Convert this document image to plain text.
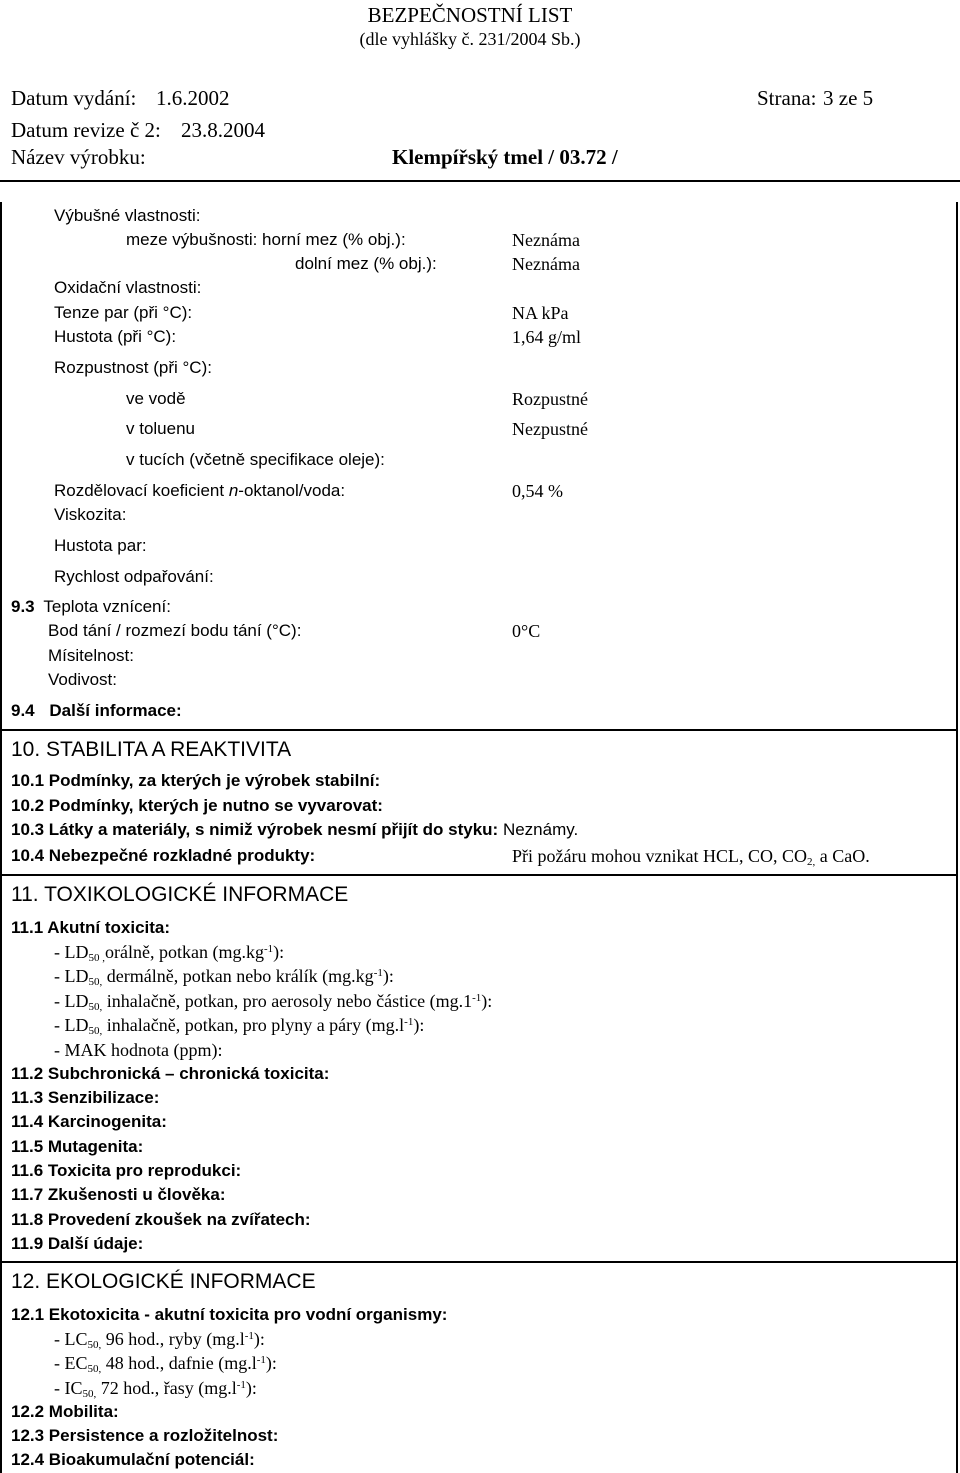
BEZPEČNOSTNÍ LIST
(dle vyhlášky č. 231/2004 Sb.)
Datum vydání: 1.6.2002	Strana: 3 ze 5
Datum revize č 2: 23.8.2004
Název výrobku:	Klempířský tmel / 03.72 /
Výbušné vlastnosti:
meze výbušnosti: horní mez (% obj.):	Neznáma
dolní mez (% obj.):	Neznáma
Oxidační vlastnosti:
Tenze par (při °C):	NA kPa
Hustota (při °C):	1,64 g/ml
Rozpustnost (při °C):
ve vodě	Rozpustné
v toluenu	Nezpustné
v tucích (včetně specifikace oleje):
Rozdělovací koeficient n-oktanol/voda:	0,54 %
Viskozita:
Hustota par:
Rychlost odpařování:
9.3 Teplota vznícení:
Bod tání / rozmezí bodu tání (°C):	0°C
Mísitelnost:
Vodivost:
9.4 Další informace:
10. STABILITA A REAKTIVITA
10.1 Podmínky, za kterých je výrobek stabilní:
10.2 Podmínky, kterých je nutno se vyvarovat:
10.3 Látky a materiály, s nimiž výrobek nesmí přijít do styku: Neznámy.
10.4 Nebezpečné rozkladné produkty:	Při požáru mohou vznikat HCL, CO, $CO_{2,}$ a CaO.
11. TOXIKOLOGICKÉ INFORMACE
11.1 Akutní toxicita:
- $LD_{50 ,}orá\ln ě$, potkan $(mg.kg^{-1})$:
- $LD_{50,}$ dermálně, potkan nebo králík $(mg.kg^{-1})$:
- $LD_{50,}$ inhalačně, potkan, pro aerosoly nebo částice $(mg.1^{-1})$:
- $LD_{50,}$ inhalačně, potkan, pro plyny a páry $(mg.l^{-1})$:
- MAK hodnota (ppm):
11.2 Subchronická – chronická toxicita:
11.3 Senzibilizace:
11.4 Karcinogenita:
11.5 Mutagenita:
11.6 Toxicita pro reprodukci:
11.7 Zkušenosti u člověka:
11.8 Provedení zkoušek na zvířatech:
11.9 Další údaje:
12. EKOLOGICKÉ INFORMACE
12.1 Ekotoxicita - akutní toxicita pro vodní organismy:
- $LC_{50,}$ 96 hod., ryby $(mg.l^{-1})$:
- $EC_{50,}$ 48 hod., dafnie $(mg.l^{-1})$:
- $IC_{50,}$ 72 hod., řasy $(mg.l^{-1})$:
12.2 Mobilita:
12.3 Persistence a rozložitelnost:
12.4 Bioakumulační potenciál:
